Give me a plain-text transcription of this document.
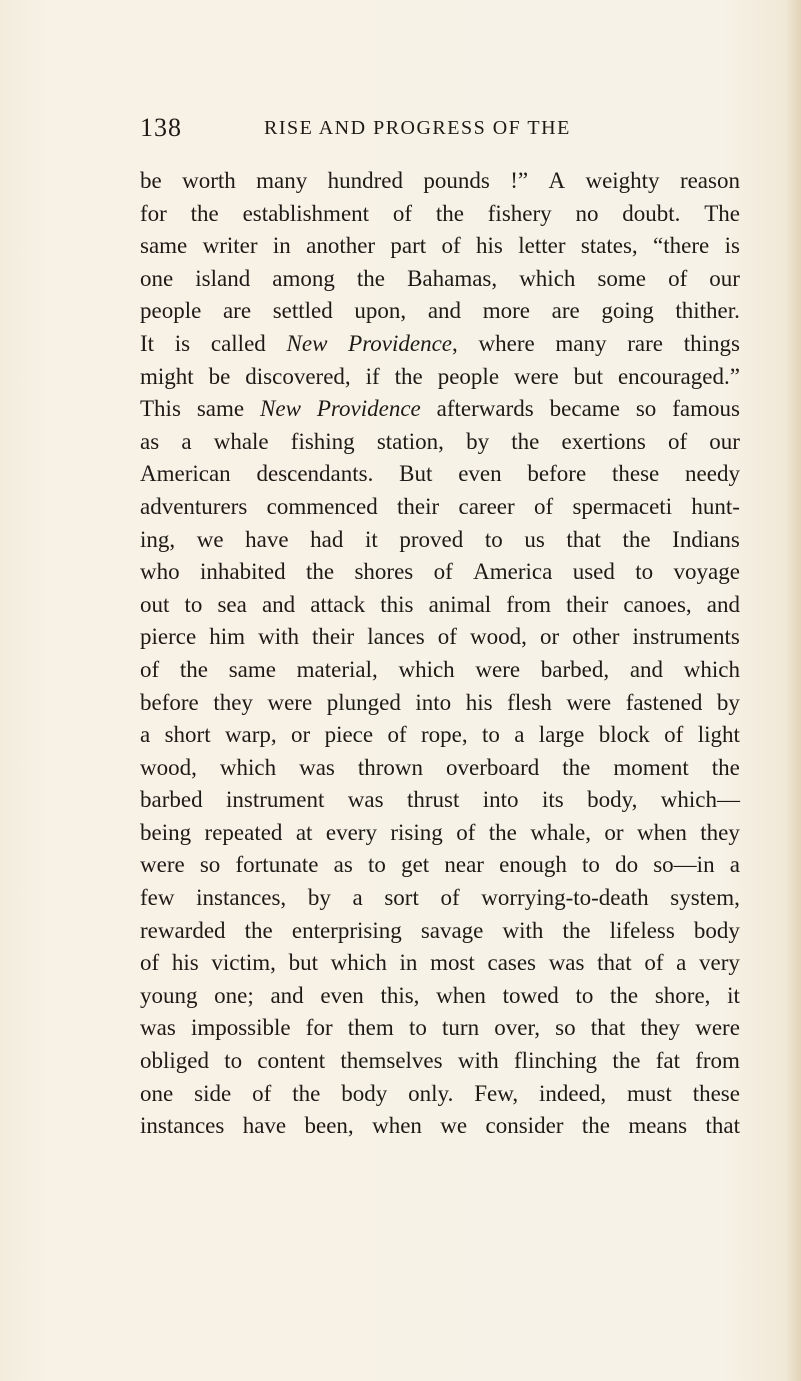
138	RISE AND PROGRESS OF THE
be worth many hundred pounds !” A weighty reason
for the establishment of the fishery no doubt. The
same writer in another part of his letter states, “there is
one island among the Bahamas, which some of our
people are settled upon, and more are going thither.
It is called New Providence, where many rare things
might be discovered, if the people were but encouraged.”
This same New Providence afterwards became so famous
as a whale fishing station, by the exertions of our
American descendants. But even before these needy
adventurers commenced their career of spermaceti hunt-
ing, we have had it proved to us that the Indians
who inhabited the shores of America used to voyage
out to sea and attack this animal from their canoes, and
pierce him with their lances of wood, or other instruments
of the same material, which were barbed, and which
before they were plunged into his flesh were fastened by
a short warp, or piece of rope, to a large block of light
wood, which was thrown overboard the moment the
barbed instrument was thrust into its body, which—
being repeated at every rising of the whale, or when they
were so fortunate as to get near enough to do so—in a
few instances, by a sort of worrying-to-death system,
rewarded the enterprising savage with the lifeless body
of his victim, but which in most cases was that of a very
young one; and even this, when towed to the shore, it
was impossible for them to turn over, so that they were
obliged to content themselves with flinching the fat from
one side of the body only. Few, indeed, must these
instances have been, when we consider the means that
